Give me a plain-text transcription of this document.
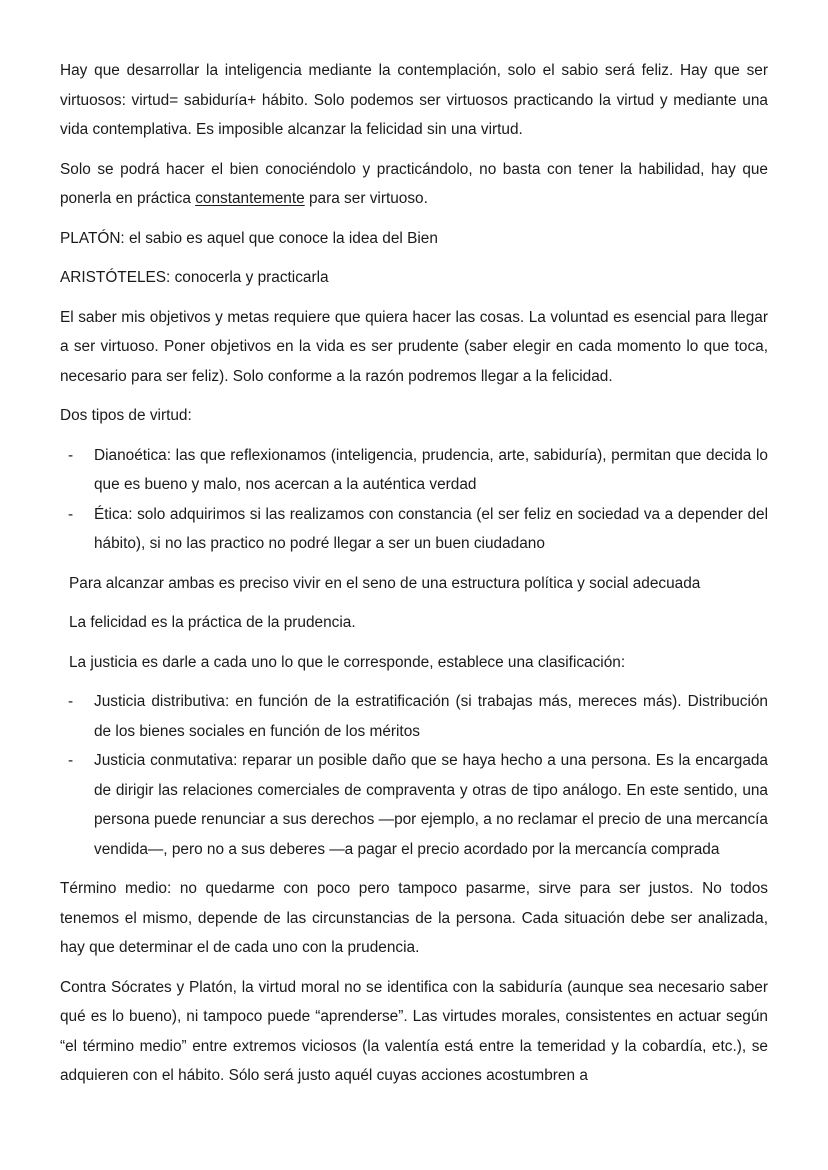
Hay que desarrollar la inteligencia mediante la contemplación, solo el sabio será feliz. Hay que ser virtuosos: virtud= sabiduría+ hábito. Solo podemos ser virtuosos practicando la virtud y mediante una vida contemplativa. Es imposible alcanzar la felicidad sin una virtud.

Solo se podrá hacer el bien conociéndolo y practicándolo, no basta con tener la habilidad, hay que ponerla en práctica constantemente para ser virtuoso.

PLATÓN: el sabio es aquel que conoce la idea del Bien

ARISTÓTELES: conocerla y practicarla

El saber mis objetivos y metas requiere que quiera hacer las cosas. La voluntad es esencial para llegar a ser virtuoso. Poner objetivos en la vida es ser prudente (saber elegir en cada momento lo que toca, necesario para ser feliz). Solo conforme a la razón podremos llegar a la felicidad.

Dos tipos de virtud:

- Dianoética: las que reflexionamos (inteligencia, prudencia, arte, sabiduría), permitan que decida lo que es bueno y malo, nos acercan a la auténtica verdad
- Ética: solo adquirimos si las realizamos con constancia (el ser feliz en sociedad va a depender del hábito), si no las practico no podré llegar a ser un buen ciudadano

Para alcanzar ambas es preciso vivir en el seno de una estructura política y social adecuada

La felicidad es la práctica de la prudencia.

La justicia es darle a cada uno lo que le corresponde, establece una clasificación:

- Justicia distributiva: en función de la estratificación (si trabajas más, mereces más). Distribución de los bienes sociales en función de los méritos
- Justicia conmutativa: reparar un posible daño que se haya hecho a una persona. Es la encargada de dirigir las relaciones comerciales de compraventa y otras de tipo análogo. En este sentido, una persona puede renunciar a sus derechos —por ejemplo, a no reclamar el precio de una mercancía vendida—, pero no a sus deberes —a pagar el precio acordado por la mercancía comprada

Término medio: no quedarme con poco pero tampoco pasarme, sirve para ser justos. No todos tenemos el mismo, depende de las circunstancias de la persona. Cada situación debe ser analizada, hay que determinar el de cada uno con la prudencia.

Contra Sócrates y Platón, la virtud moral no se identifica con la sabiduría (aunque sea necesario saber qué es lo bueno), ni tampoco puede “aprenderse”. Las virtudes morales, consistentes en actuar según “el término medio” entre extremos viciosos (la valentía está entre la temeridad y la cobardía, etc.), se adquieren con el hábito. Sólo será justo aquél cuyas acciones acostumbren a
